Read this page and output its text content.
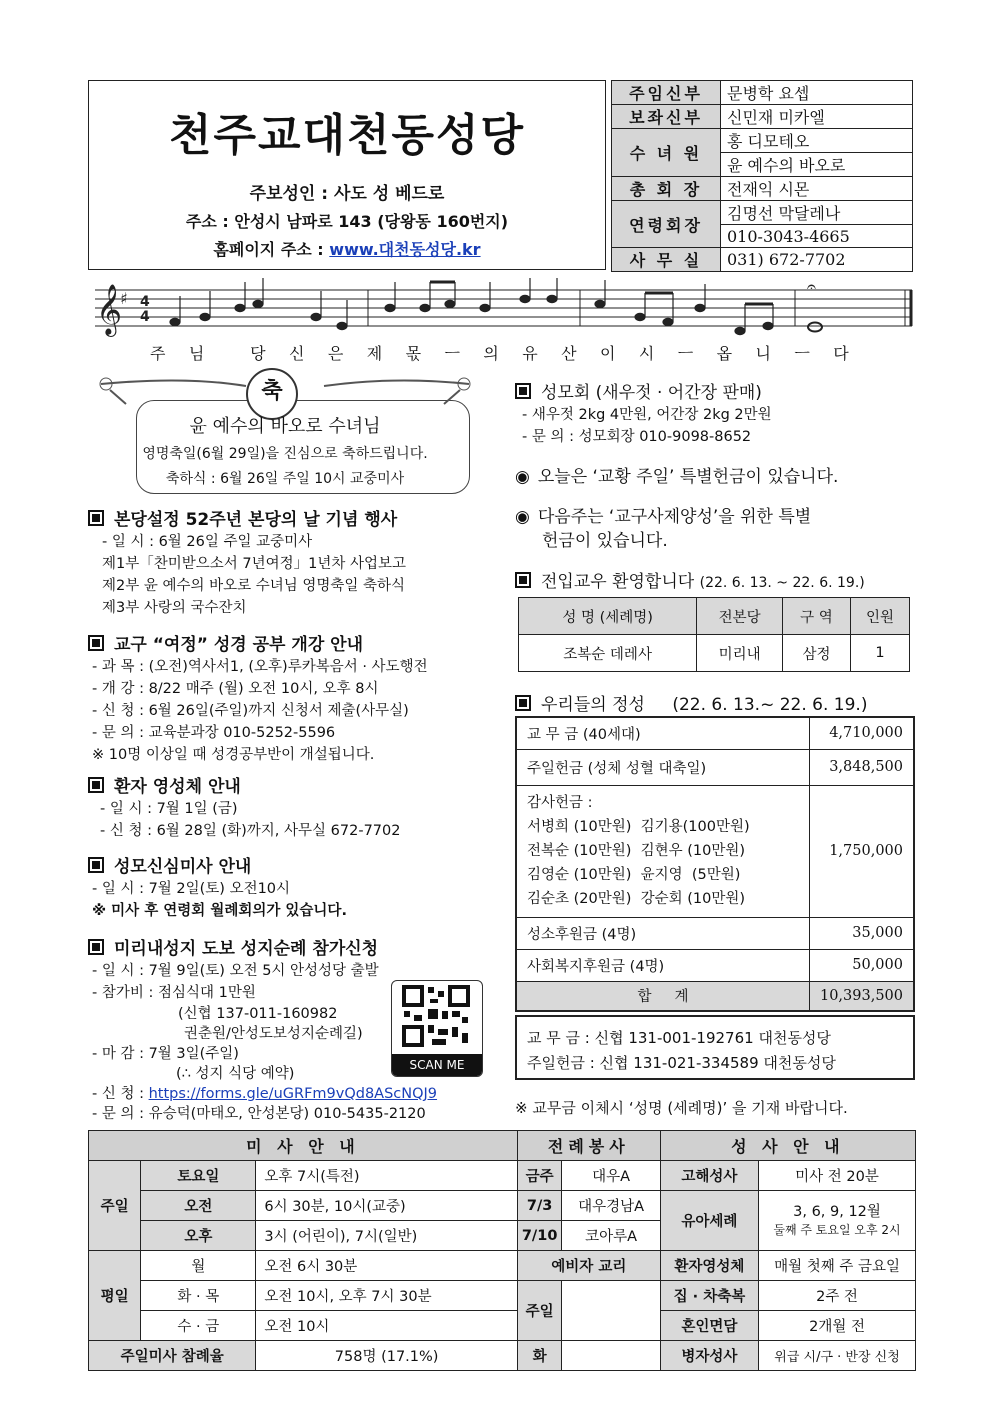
천주교대천동성당
주보성인 : 사도 성 베드로
주소 : 안성시 남파로 143 (당왕동 160번지)
홈페이지 주소 : www.대천동성당.kr
주임신부	문병학 요셉
보좌신부	신민재 미카엘
수 녀 원	홍 디모테오
	윤 예수의 바오로
총 회 장	전재익 시몬
연령회장	김명선 막달레나
	010-3043-4665
사 무 실	031) 672-7702
𝄞
♯ 4
4
𝄐
주 님	당 신 은 제 몫 ㅡ 의 유 산 이 시 ㅡ 옵 니 ㅡ 다
축
윤 예수의 바오로 수녀님
영명축일(6월 29일)을 진심으로 축하드립니다.
축하식 : 6월 26일 주일 10시 교중미사
본당설정 52주년 본당의 날 기념 행사
- 일 시 : 6월 26일 주일 교중미사
제1부「찬미받으소서 7년여정」1년차 사업보고
제2부 윤 예수의 바오로 수녀님 영명축일 축하식
제3부 사랑의 국수잔치
교구 “여정” 성경 공부 개강 안내
- 과 목 : (오전)역사서1, (오후)루카복음서 · 사도행전
- 개 강 : 8/22 매주 (월) 오전 10시, 오후 8시
- 신 청 : 6월 26일(주일)까지 신청서 제출(사무실)
- 문 의 : 교육분과장 010-5252-5596
※ 10명 이상일 때 성경공부반이 개설됩니다.
환자 영성체 안내
- 일 시 : 7월 1일 (금)
- 신 청 : 6월 28일 (화)까지, 사무실 672-7702
성모신심미사 안내
- 일 시 : 7월 2일(토) 오전10시
※ 미사 후 연령회 월례회의가 있습니다.
미리내성지 도보 성지순례 참가신청
- 일 시 : 7월 9일(토) 오전 5시 안성성당 출발
- 참가비 : 점심식대 1만원
(신협 137-011-160982
권춘원/안성도보성지순례길)
- 마 감 : 7월 3일(주일)
(∴ 성지 식당 예약)
- 신 청 : https://forms.gle/uGRFm9vQd8AScNQJ9
- 문 의 : 유승덕(마태오, 안성본당) 010-5435-2120
SCAN ME
성모회 (새우젓 · 어간장 판매)
- 새우젓 2kg 4만원, 어간장 2kg 2만원
- 문 의 : 성모회장 010-9098-8652
◉ 오늘은 ‘교황 주일’ 특별헌금이 있습니다.
◉ 다음주는 ‘교구사제양성’을 위한 특별
헌금이 있습니다.
전입교우 환영합니다 (22. 6. 13. ~ 22. 6. 19.)
성 명 (세례명)	전본당	구 역	인원
조복순 데레사	미리내	삼정	1
우리들의 정성 (22. 6. 13.~ 22. 6. 19.)
교 무 금 (40세대)	4,710,000
주일헌금 (성체 성혈 대축일)	3,848,500

감사헌금 :
서병희 (10만원)  김기용(100만원)
전복순 (10만원)  김현우 (10만원)
김영순 (10만원)  윤지영  (5만원)
김순초 (20만원)  강순회 (10만원)	1,750,000
성소후원금 (4명)	35,000
사회복지후원금 (4명)	50,000
합     계	10,393,500
교 무 금 : 신협 131-001-192761 대천동성당
주일헌금 : 신협 131-021-334589 대천동성당
※ 교무금 이체시 ‘성명 (세례명)’ 을 기재 바랍니다.
미 사 안 내			전례봉사		성 사 안 내	
주일	토요일	오후 7시(특전)	금주	대우A	고해성사	미사 전 20분
	오전	6시 30분, 10시(교중)	7/3	대우경남A	유아세례	3, 6, 9, 12월
둘째 주 토요일 오후 2시

	오후	3시 (어린이), 7시(일반)	7/10	코아루A		
평일	월	오전 6시 30분	예비자 교리		환자영성체	매월 첫째 주 금요일
	화 · 목	오전 10시, 오후 7시 30분	주일		집 · 차축복	2주 전
	수 · 금	오전 10시			혼인면담	2개월 전
주일미사 참례율		758명 (17.1%)	화		병자성사	위급 시/구 · 반장 신청
